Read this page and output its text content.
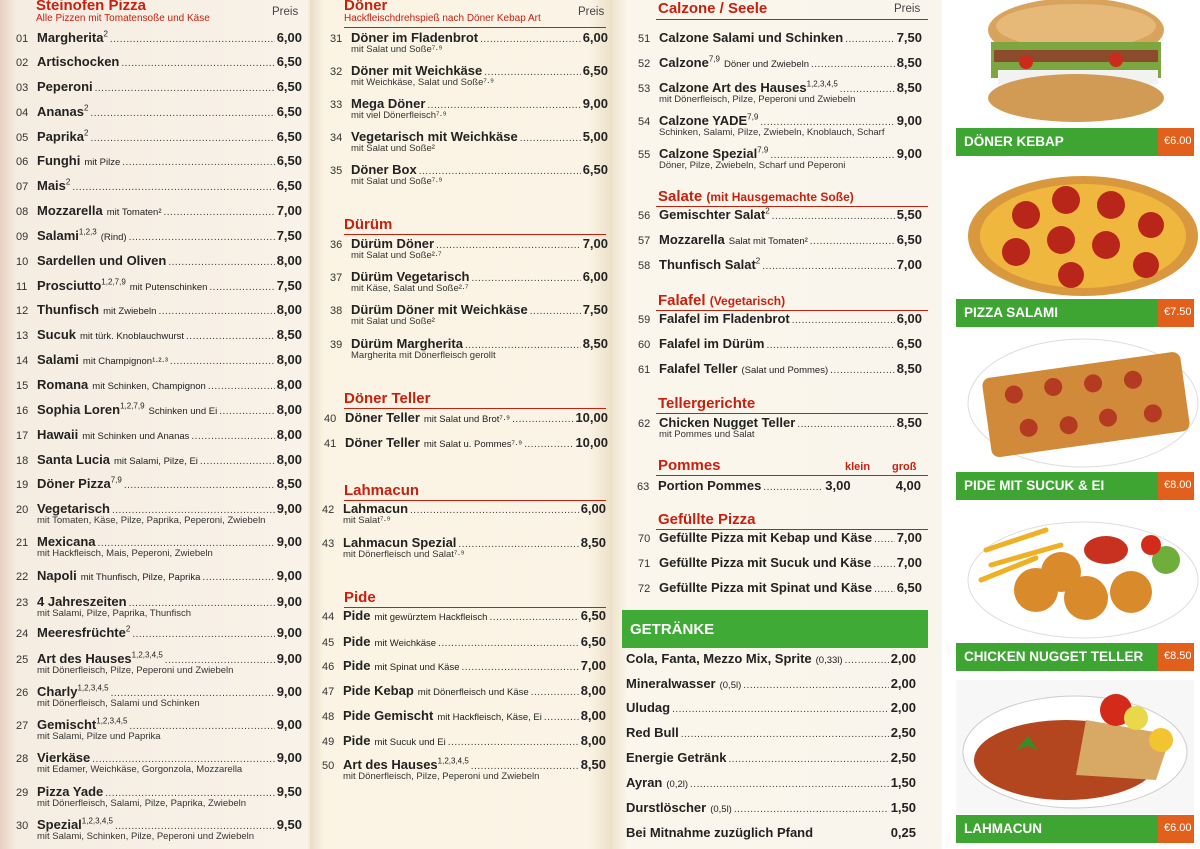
Steinofen Pizza
Alle Pizzen mit Tomatensoße und Käse
Preis
01 Margherita$^2$ .....	6,00
02 Artischocken .....	6,50
03 Peperoni .....	6,50
04 Ananas$^2$ .....	6,50
05 Paprika$^2$ .....	6,50
06 Funghi mit Pilze .....	6,50
07 Mais$^2$ .....	6,50
08 Mozzarella mit Tomaten² .....	7,00
09 Salami$^{1,2,3}$ (Rind) .....	7,50
10 Sardellen und Oliven .....	8,00
11 Prosciutto$^{1,2,7,9}$ mit Putenschinken .....	7,50
12 Thunfisch mit Zwiebeln .....	8,00
13 Sucuk mit türk. Knoblauchwurst .....	8,50
14 Salami mit Champignon¹·²·³ .....	8,00
15 Romana mit Schinken, Champignon .....	8,00
16 Sophia Loren$^{1,2,7,9}$ Schinken und Ei .....	8,00
17 Hawaii mit Schinken und Ananas .....	8,00
18 Santa Lucia mit Salami, Pilze, Ei .....	8,00
19 Döner Pizza$^{7,9}$ .....	8,50
20 Vegetarisch
mit Tomaten, Käse, Pilze, Paprika, Peperoni, Zwiebeln
.....
9,00
21 Mexicana
mit Hackfleisch, Mais, Peperoni, Zwiebeln
.....
9,00
22 Napoli mit Thunfisch, Pilze, Paprika .....	9,00
23 4 Jahreszeiten
mit Salami, Pilze, Paprika, Thunfisch
.....
9,00
24 Meeresfrüchte$^2$ .....	9,00
25 Art des Hauses$^{1,2,3,4,5}$
mit Dönerfleisch, Pilze, Peperoni und Zwiebeln
.....
9,00
26 Charly$^{1,2,3,4,5}$
mit Dönerfleisch, Salami und Schinken
.....
9,00
27 Gemischt$^{1,2,3,4,5}$
mit Salami, Pilze und Paprika
.....
9,00
28 Vierkäse
mit Edamer, Weichkäse, Gorgonzola, Mozzarella
.....
9,00
29 Pizza Yade
mit Dönerfleisch, Salami, Pilze, Paprika, Zwiebeln
.....
9,50
30 Spezial$^{1,2,3,4,5}$
mit Salami, Schinken, Pilze, Peperoni und Zwiebeln
.....
9,50
Döner
Hackfleischdrehspieß nach Döner Kebap Art
Preis
31 Döner im Fladenbrot
mit Salat und Soße⁷·⁹
.....
6,00
32 Döner mit Weichkäse
mit Weichkäse, Salat und Soße⁷·⁹
.....
6,50
33 Mega Döner
mit viel Dönerfleisch⁷·⁹
.....
9,00
34 Vegetarisch mit Weichkäse
mit Salat und Soße²
.....
5,00
35 Döner Box
mit Salat und Soße⁷·⁹
.....
6,50
Dürüm
36 Dürüm Döner
mit Salat und Soße²·⁷
.....
7,00
37 Dürüm Vegetarisch
mit Käse, Salat und Soße²·⁷
.....
6,00
38 Dürüm Döner mit Weichkäse
mit Salat und Soße²
.....
7,50
39 Dürüm Margherita
Margherita mit Dönerfleisch gerollt
.....
8,50
Döner Teller
40 Döner Teller mit Salat und Brot⁷·⁹ .....	10,00
41 Döner Teller mit Salat u. Pommes⁷·⁹ .....	10,00
Lahmacun
42 Lahmacun
mit Salat⁷·⁹
.....
6,00
43 Lahmacun Spezial
mit Dönerfleisch und Salat⁷·⁹
.....
8,50
Pide
44 Pide mit gewürztem Hackfleisch .....	6,50
45 Pide mit Weichkäse .....	6,50
46 Pide mit Spinat und Käse .....	7,00
47 Pide Kebap mit Dönerfleisch und Käse .....	8,00
48 Pide Gemischt mit Hackfleisch, Käse, Ei .....	8,00
49 Pide mit Sucuk und Ei .....	8,00
50 Art des Hauses$^{1,2,3,4,5}$
mit Dönerfleisch, Pilze, Peperoni und Zwiebeln
.....
8,50
Calzone / Seele	Preis
51 Calzone Salami und Schinken .....	7,50
52 Calzone$^{7,9}$ Döner und Zwiebeln .....	8,50
53 Calzone Art des Hauses$^{1,2,3,4,5}$
mit Dönerfleisch, Pilze, Peperoni und Zwiebeln
.....
8,50
54 Calzone YADE$^{7,9}$
Schinken, Salami, Pilze, Zwiebeln, Knoblauch, Scharf
.....
9,00
55 Calzone Spezial$^{7,9}$
Döner, Pilze, Zwiebeln, Scharf und Peperoni
.....
9,00
Salate (mit Hausgemachte Soße)
56 Gemischter Salat$^2$ .....	5,50
57 Mozzarella Salat mit Tomaten² .....	6,50
58 Thunfisch Salat$^2$ .....	7,00
Falafel (Vegetarisch)
59 Falafel im Fladenbrot .....	6,00
60 Falafel im Dürüm .....	6,50
61 Falafel Teller (Salat und Pommes) .....	8,50
Tellergerichte
62 Chicken Nugget Teller
mit Pommes und Salat
.....
8,50
Pommes	klein groß
63 Portion Pommes .....	3,00	4,00
Gefüllte Pizza
70 Gefüllte Pizza mit Kebap und Käse ..... 7,00
71 Gefüllte Pizza mit Sucuk und Käse ..... 7,00
72 Gefüllte Pizza mit Spinat und Käse ..... 6,50
GETRÄNKE
Cola, Fanta, Mezzo Mix, Sprite (0,33l) .....	2,00
Mineralwasser (0,5l) .....	2,00
Uludag .....	2,00
Red Bull .....	2,50
Energie Getränk .....	2,50
Ayran (0,2l) .....	1,50
Durstlöscher (0,5l) .....	1,50
Bei Mitnahme zuzüglich Pfand	0,25
DÖNER KEBAP	€6.00
PIZZA SALAMI	€7.50
PIDE MIT SUCUK & EI	€8.00
CHICKEN NUGGET TELLER	€8.50
LAHMACUN	€6.00
